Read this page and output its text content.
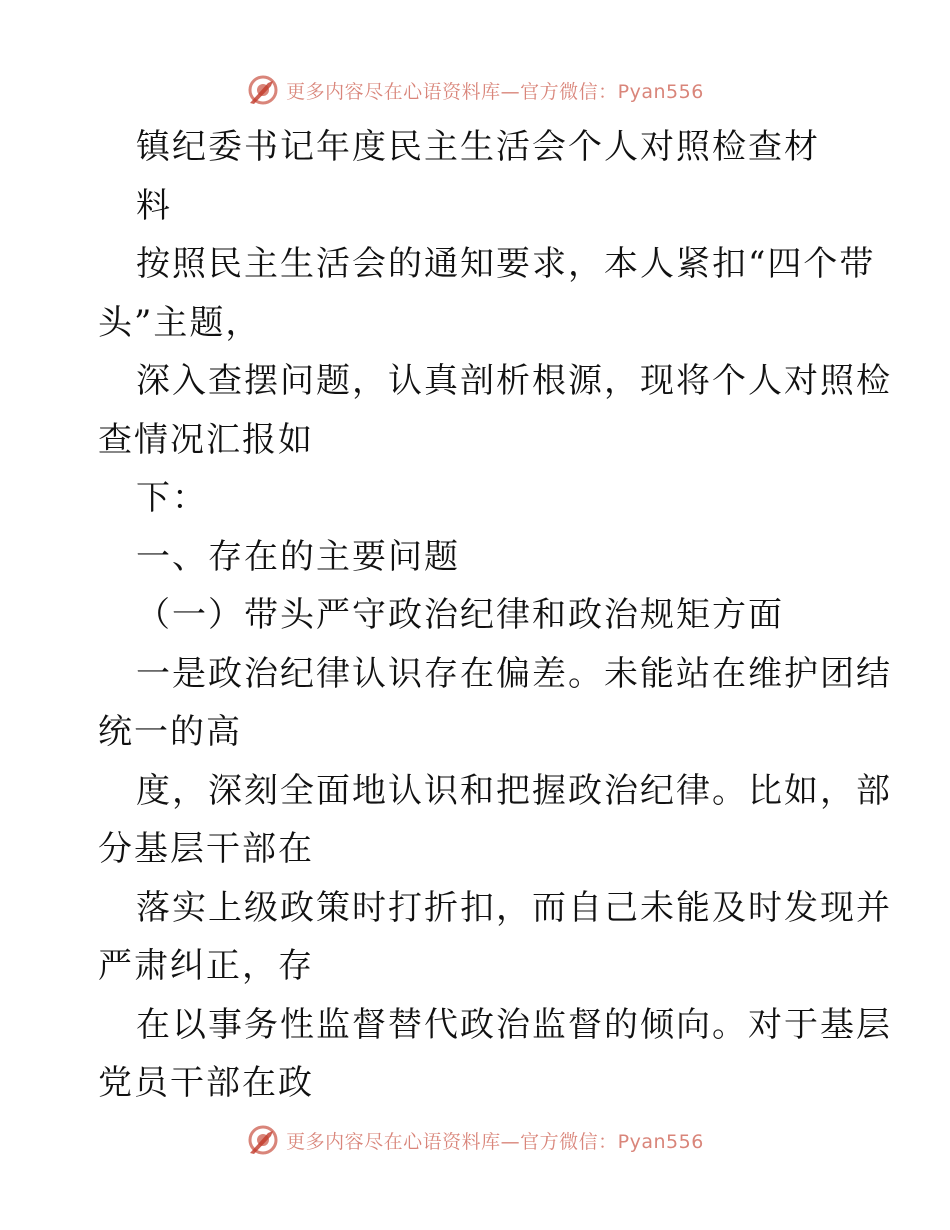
更多内容尽在心语资料库—官方微信：Pyan556
镇纪委书记年度民主生活会个人对照检查材
料
按照民主生活会的通知要求，本人紧扣“四个带
头”主题，
深入查摆问题，认真剖析根源，现将个人对照检
查情况汇报如
下：
一、存在的主要问题
（一）带头严守政治纪律和政治规矩方面
一是政治纪律认识存在偏差。未能站在维护团结
统一的高
度，深刻全面地认识和把握政治纪律。比如，部
分基层干部在
落实上级政策时打折扣，而自己未能及时发现并
严肃纠正，存
在以事务性监督替代政治监督的倾向。对于基层
党员干部在政
更多内容尽在心语资料库—官方微信：Pyan556
